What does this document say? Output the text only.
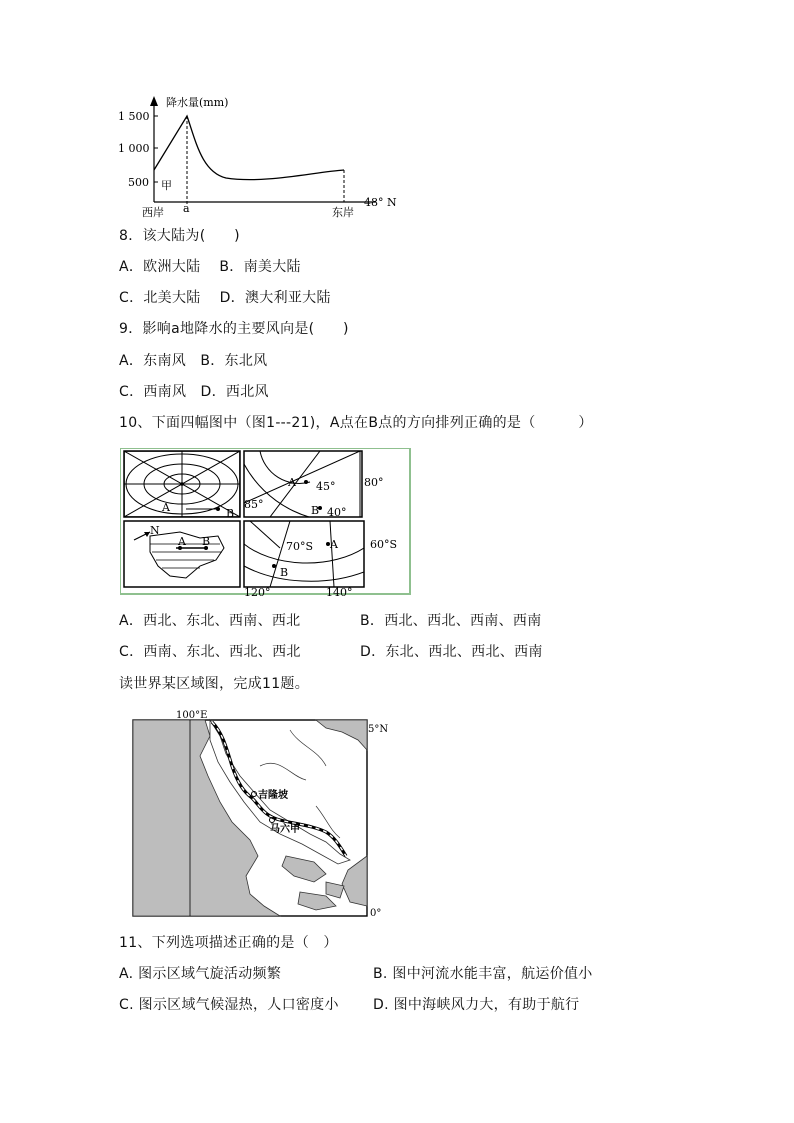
降水量(mm)
1 500
1 000
500 甲
西岸 a	东岸
48° N
8．该大陆为(　　)
A．欧洲大陆 B．南美大陆
C．北美大陆 D．澳大利亚大陆
9．影响a地降水的主要风向是(　　)
A．东南风 B．东北风
C．西南风 D．西北风
10、下面四幅图中（图1---21)，A点在B点的方向排列正确的是（　　　）
A	B
A 45°	80°
85°	B 40°
N
A B	70°S A	60°S
B
120°	140°
A．西北、东北、西南、西北	B．西北、西北、西南、西南
C．西南、东北、西北、西北	D．东北、西北、西北、西南
读世界某区域图，完成11题。
100°E
5°N
0°
吉隆坡
马六甲
11、下列选项描述正确的是（　）
A. 图示区域气旋活动频繁	B. 图中河流水能丰富，航运价值小
C. 图示区域气候湿热，人口密度小 D. 图中海峡风力大，有助于航行
